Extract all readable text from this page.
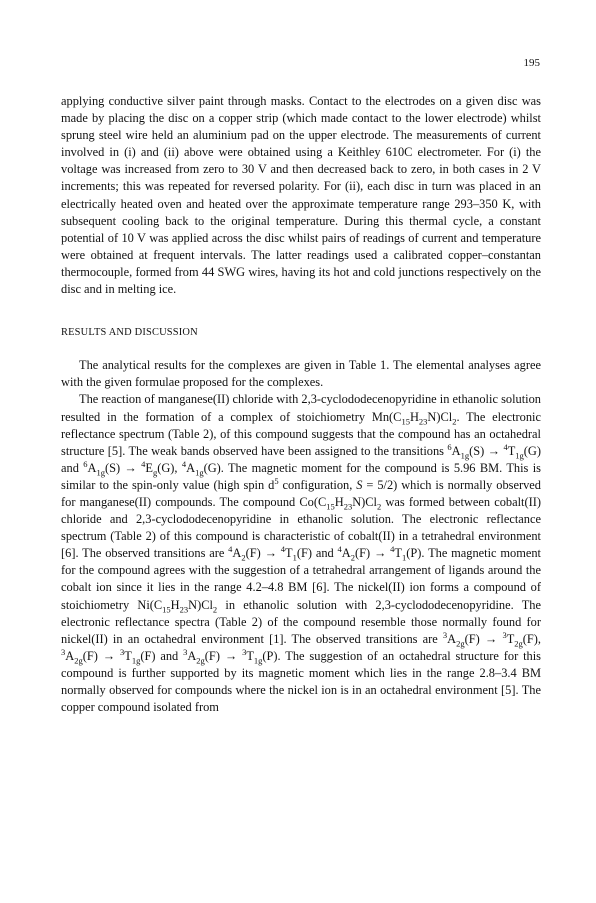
195

applying conductive silver paint through masks. Contact to the electrodes on a given disc was made by placing the disc on a copper strip (which made contact to the lower electrode) whilst sprung steel wire held an aluminium pad on the upper electrode. The measurements of current involved in (i) and (ii) above were obtained using a Keithley 610C electrometer. For (i) the voltage was increased from zero to 30 V and then decreased back to zero, in both cases in 2 V increments; this was repeated for reversed polarity. For (ii), each disc in turn was placed in an electrically heated oven and heated over the approximate temperature range 293–350 K, with subsequent cooling back to the original temperature. During this thermal cycle, a constant potential of 10 V was applied across the disc whilst pairs of readings of current and temperature were obtained at frequent intervals. The latter readings used a calibrated copper–constantan thermocouple, formed from 44 SWG wires, having its hot and cold junctions respectively on the disc and in melting ice.

RESULTS AND DISCUSSION

The analytical results for the complexes are given in Table 1. The elemental analyses agree with the given formulae proposed for the complexes.

The reaction of manganese(II) chloride with 2,3-cyclododecenopyridine in ethanolic solution resulted in the formation of a complex of stoichiometry $Mn(C_{15}H_{23}N)Cl_2$. The electronic reflectance spectrum (Table 2), of this compound suggests that the compound has an octahedral structure [5]. The weak bands observed have been assigned to the transitions $^6A_{1g}(S) \to ^4T_{1g}(G)$ and $^6A_{1g}(S) \to ^4E_g(G)$, $^4A_{1g}(G)$. The magnetic moment for the compound is 5.96 BM. This is similar to the spin-only value (high spin $d^5$ configuration, S = 5/2) which is normally observed for manganese(II) compounds. The compound $Co(C_{15}H_{23}N)Cl_2$ was formed between cobalt(II) chloride and 2,3-cyclododecenopyridine in ethanolic solution. The electronic reflectance spectrum (Table 2) of this compound is characteristic of cobalt(II) in a tetrahedral environment [6]. The observed transitions are $^4A_2(F) \to ^4T_1(F)$ and $^4A_2(F) \to ^4T_1(P)$. The magnetic moment for the compound agrees with the suggestion of a tetrahedral arrangement of ligands around the cobalt ion since it lies in the range 4.2–4.8 BM [6]. The nickel(II) ion forms a compound of stoichiometry $Ni(C_{15}H_{23}N)Cl_2$ in ethanolic solution with 2,3-cyclododecenopyridine. The electronic reflectance spectra (Table 2) of the compound resemble those normally found for nickel(II) in an octahedral environment [1]. The observed transitions are $^3A_{2g}(F) \to ^3T_{2g}(F)$, $^3A_{2g}(F) \to ^3T_{1g}(F)$ and $^3A_{2g}(F) \to ^3T_{1g}(P)$. The suggestion of an octahedral structure for this compound is further supported by its magnetic moment which lies in the range 2.8–3.4 BM normally observed for compounds where the nickel ion is in an octahedral environment [5]. The copper compound isolated from
